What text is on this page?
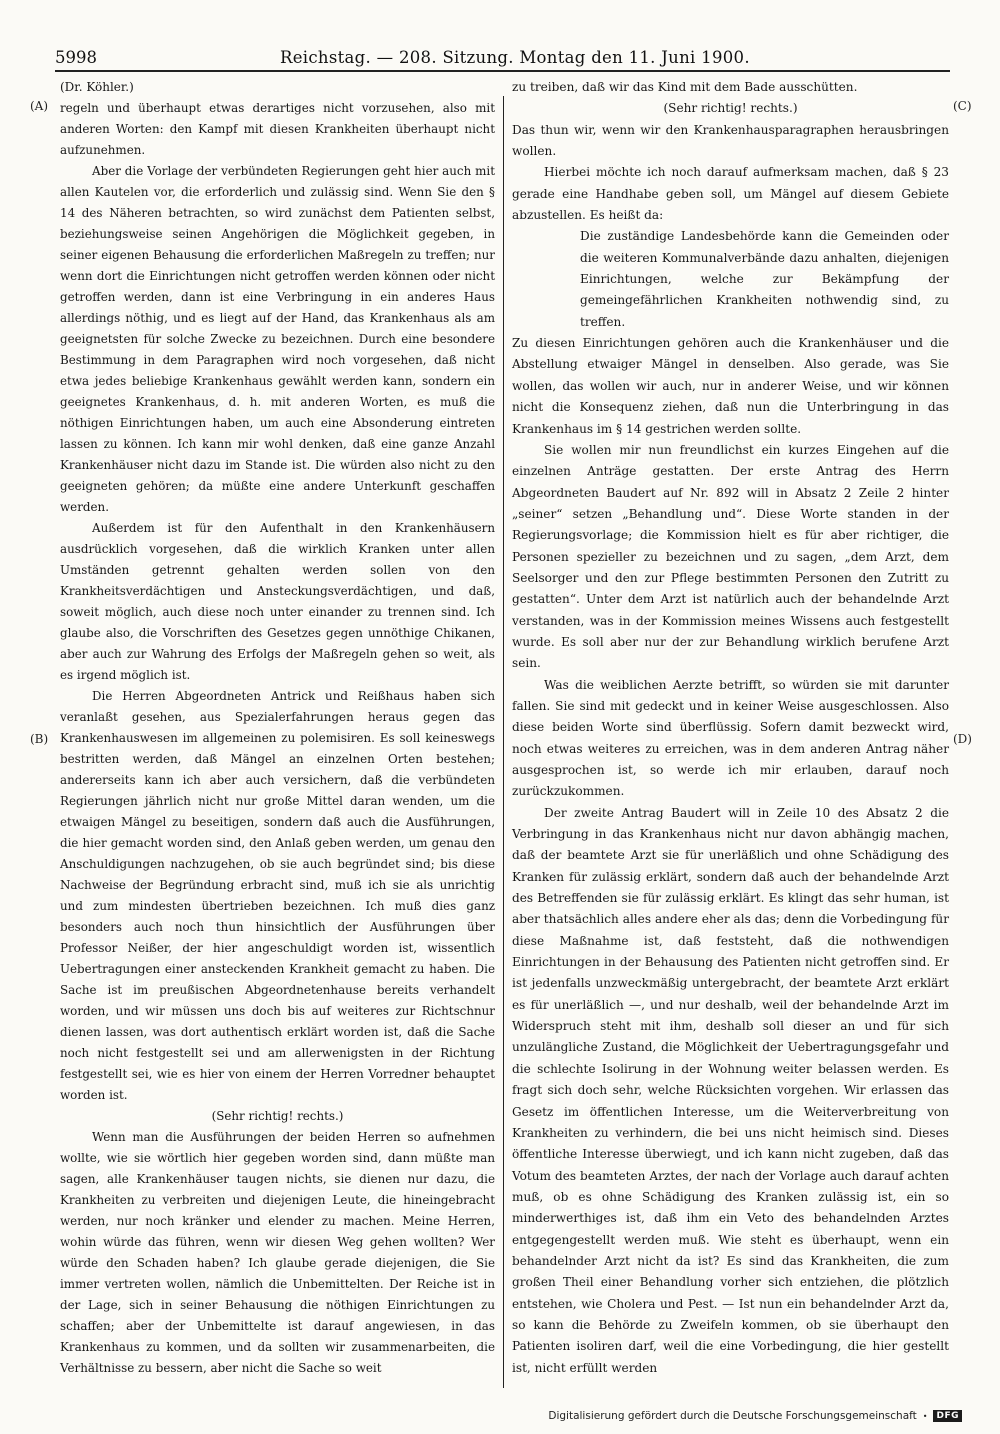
5998	Reichstag. — 208. Sitzung. Montag den 11. Juni 1900.
(A)
(B)
(C)
(D)

(Dr. Köhler.)

regeln und überhaupt etwas derartiges nicht vorzusehen, also mit anderen Worten: den Kampf mit diesen Krankheiten überhaupt nicht aufzunehmen.

Aber die Vorlage der verbündeten Regierungen geht hier auch mit allen Kautelen vor, die erforderlich und zulässig sind. Wenn Sie den § 14 des Näheren betrachten, so wird zunächst dem Patienten selbst, beziehungsweise seinen Angehörigen die Möglichkeit gegeben, in seiner eigenen Behausung die erforderlichen Maßregeln zu treffen; nur wenn dort die Einrichtungen nicht getroffen werden können oder nicht getroffen werden, dann ist eine Verbringung in ein anderes Haus allerdings nöthig, und es liegt auf der Hand, das Krankenhaus als am geeignetsten für solche Zwecke zu bezeichnen. Durch eine besondere Bestimmung in dem Paragraphen wird noch vorgesehen, daß nicht etwa jedes beliebige Krankenhaus gewählt werden kann, sondern ein geeignetes Krankenhaus, d. h. mit anderen Worten, es muß die nöthigen Einrichtungen haben, um auch eine Absonderung eintreten lassen zu können. Ich kann mir wohl denken, daß eine ganze Anzahl Krankenhäuser nicht dazu im Stande ist. Die würden also nicht zu den geeigneten gehören; da müßte eine andere Unterkunft geschaffen werden.

Außerdem ist für den Aufenthalt in den Krankenhäusern ausdrücklich vorgesehen, daß die wirklich Kranken unter allen Umständen getrennt gehalten werden sollen von den Krankheitsverdächtigen und Ansteckungsverdächtigen, und daß, soweit möglich, auch diese noch unter einander zu trennen sind. Ich glaube also, die Vorschriften des Gesetzes gegen unnöthige Chikanen, aber auch zur Wahrung des Erfolgs der Maßregeln gehen so weit, als es irgend möglich ist.

Die Herren Abgeordneten Antrick und Reißhaus haben sich veranlaßt gesehen, aus Spezialerfahrungen heraus gegen das Krankenhauswesen im allgemeinen zu polemisiren. Es soll keineswegs bestritten werden, daß Mängel an einzelnen Orten bestehen; andererseits kann ich aber auch versichern, daß die verbündeten Regierungen jährlich nicht nur große Mittel daran wenden, um die etwaigen Mängel zu beseitigen, sondern daß auch die Ausführungen, die hier gemacht worden sind, den Anlaß geben werden, um genau den Anschuldigungen nachzugehen, ob sie auch begründet sind; bis diese Nachweise der Begründung erbracht sind, muß ich sie als unrichtig und zum mindesten übertrieben bezeichnen. Ich muß dies ganz besonders auch noch thun hinsichtlich der Ausführungen über Professor Neißer, der hier angeschuldigt worden ist, wissentlich Uebertragungen einer ansteckenden Krankheit gemacht zu haben. Die Sache ist im preußischen Abgeordnetenhause bereits verhandelt worden, und wir müssen uns doch bis auf weiteres zur Richtschnur dienen lassen, was dort authentisch erklärt worden ist, daß die Sache noch nicht festgestellt sei und am allerwenigsten in der Richtung festgestellt sei, wie es hier von einem der Herren Vorredner behauptet worden ist.

(Sehr richtig! rechts.)

Wenn man die Ausführungen der beiden Herren so aufnehmen wollte, wie sie wörtlich hier gegeben worden sind, dann müßte man sagen, alle Krankenhäuser taugen nichts, sie dienen nur dazu, die Krankheiten zu verbreiten und diejenigen Leute, die hineingebracht werden, nur noch kränker und elender zu machen. Meine Herren, wohin würde das führen, wenn wir diesen Weg gehen wollten? Wer würde den Schaden haben? Ich glaube gerade diejenigen, die Sie immer vertreten wollen, nämlich die Unbemittelten. Der Reiche ist in der Lage, sich in seiner Behausung die nöthigen Einrichtungen zu schaffen; aber der Unbemittelte ist darauf angewiesen, in das Krankenhaus zu kommen, und da sollten wir zusammenarbeiten, die Verhältnisse zu bessern, aber nicht die Sache so weit

zu treiben, daß wir das Kind mit dem Bade ausschütten.

(Sehr richtig! rechts.)

Das thun wir, wenn wir den Krankenhausparagraphen herausbringen wollen.

Hierbei möchte ich noch darauf aufmerksam machen, daß § 23 gerade eine Handhabe geben soll, um Mängel auf diesem Gebiete abzustellen. Es heißt da:

Die zuständige Landesbehörde kann die Gemeinden oder die weiteren Kommunalverbände dazu anhalten, diejenigen Einrichtungen, welche zur Bekämpfung der gemeingefährlichen Krankheiten nothwendig sind, zu treffen.

Zu diesen Einrichtungen gehören auch die Krankenhäuser und die Abstellung etwaiger Mängel in denselben. Also gerade, was Sie wollen, das wollen wir auch, nur in anderer Weise, und wir können nicht die Konsequenz ziehen, daß nun die Unterbringung in das Krankenhaus im § 14 gestrichen werden sollte.

Sie wollen mir nun freundlichst ein kurzes Eingehen auf die einzelnen Anträge gestatten. Der erste Antrag des Herrn Abgeordneten Baudert auf Nr. 892 will in Absatz 2 Zeile 2 hinter „seiner“ setzen „Behandlung und“. Diese Worte standen in der Regierungsvorlage; die Kommission hielt es für aber richtiger, die Personen spezieller zu bezeichnen und zu sagen, „dem Arzt, dem Seelsorger und den zur Pflege bestimmten Personen den Zutritt zu gestatten“. Unter dem Arzt ist natürlich auch der behandelnde Arzt verstanden, was in der Kommission meines Wissens auch festgestellt wurde. Es soll aber nur der zur Behandlung wirklich berufene Arzt sein.

Was die weiblichen Aerzte betrifft, so würden sie mit darunter fallen. Sie sind mit gedeckt und in keiner Weise ausgeschlossen. Also diese beiden Worte sind überflüssig. Sofern damit bezweckt wird, noch etwas weiteres zu erreichen, was in dem anderen Antrag näher ausgesprochen ist, so werde ich mir erlauben, darauf noch zurückzukommen.

Der zweite Antrag Baudert will in Zeile 10 des Absatz 2 die Verbringung in das Krankenhaus nicht nur davon abhängig machen, daß der beamtete Arzt sie für unerläßlich und ohne Schädigung des Kranken für zulässig erklärt, sondern daß auch der behandelnde Arzt des Betreffenden sie für zulässig erklärt. Es klingt das sehr human, ist aber thatsächlich alles andere eher als das; denn die Vorbedingung für diese Maßnahme ist, daß feststeht, daß die nothwendigen Einrichtungen in der Behausung des Patienten nicht getroffen sind. Er ist jedenfalls unzweckmäßig untergebracht, der beamtete Arzt erklärt es für unerläßlich —, und nur deshalb, weil der behandelnde Arzt im Widerspruch steht mit ihm, deshalb soll dieser an und für sich unzulängliche Zustand, die Möglichkeit der Uebertragungsgefahr und die schlechte Isolirung in der Wohnung weiter belassen werden. Es fragt sich doch sehr, welche Rücksichten vorgehen. Wir erlassen das Gesetz im öffentlichen Interesse, um die Weiterverbreitung von Krankheiten zu verhindern, die bei uns nicht heimisch sind. Dieses öffentliche Interesse überwiegt, und ich kann nicht zugeben, daß das Votum des beamteten Arztes, der nach der Vorlage auch darauf achten muß, ob es ohne Schädigung des Kranken zulässig ist, ein so minderwerthiges ist, daß ihm ein Veto des behandelnden Arztes entgegengestellt werden muß. Wie steht es überhaupt, wenn ein behandelnder Arzt nicht da ist? Es sind das Krankheiten, die zum großen Theil einer Behandlung vorher sich entziehen, die plötzlich entstehen, wie Cholera und Pest. — Ist nun ein behandelnder Arzt da, so kann die Behörde zu Zweifeln kommen, ob sie überhaupt den Patienten isoliren darf, weil die eine Vorbedingung, die hier gestellt ist, nicht erfüllt werden

Digitalisierung gefördert durch die Deutsche Forschungsgemeinschaft •	DFG
